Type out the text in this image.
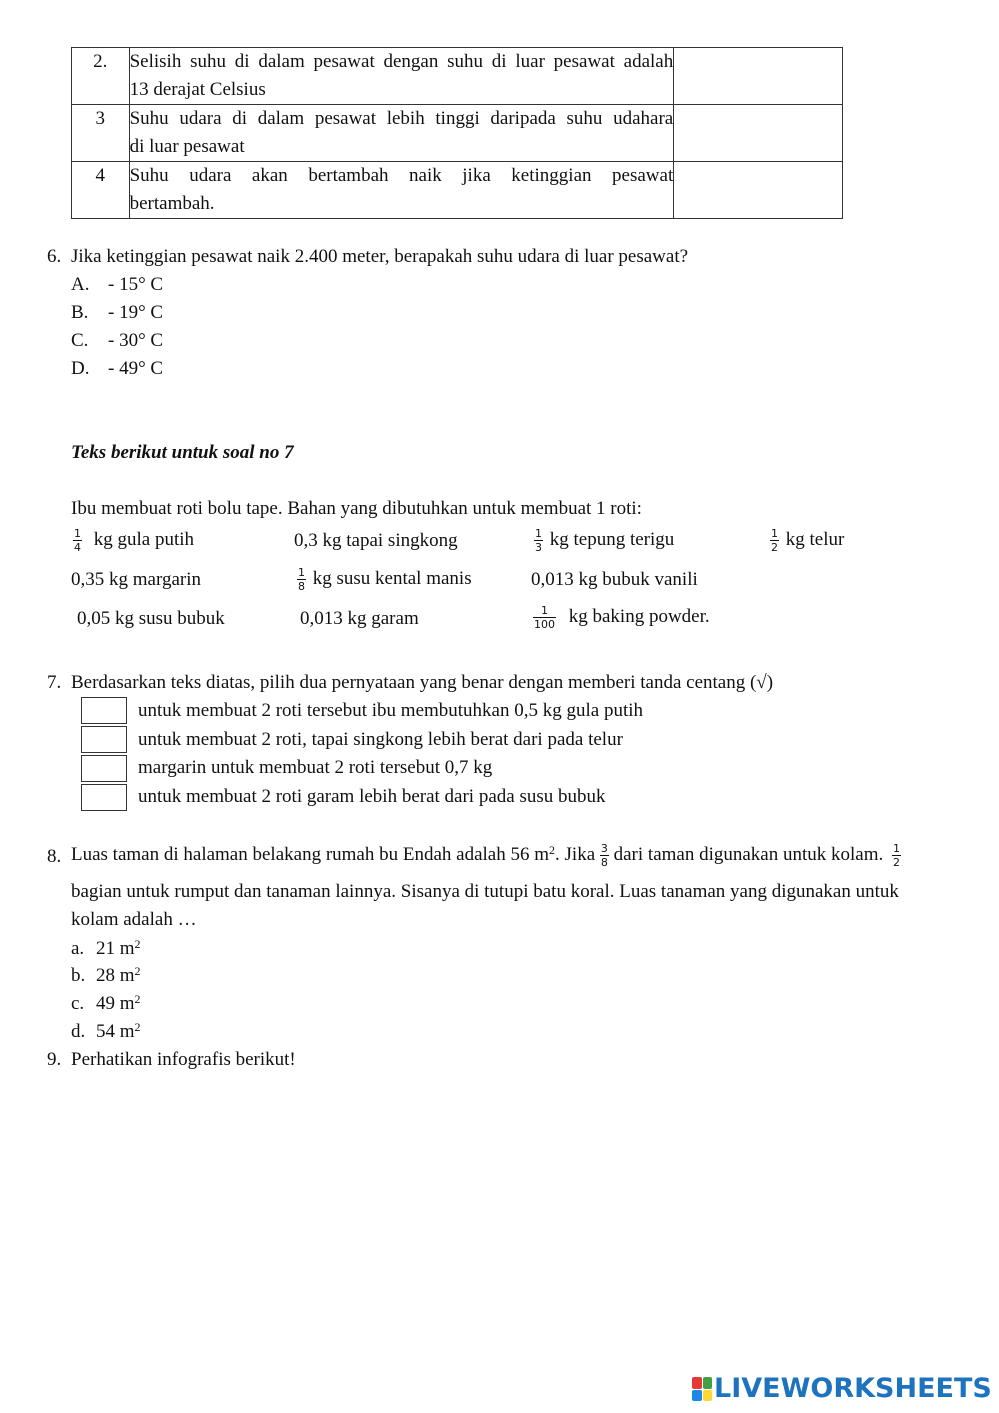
2.	Selisih suhu di dalam pesawat dengan suhu di luar pesawat adalah
13 derajat Celsius	
3	Suhu udara di dalam pesawat lebih tinggi daripada suhu udahara
di luar pesawat	
4	Suhu udara akan bertambah naik jika ketinggian pesawat
bertambah.	
6. Jika ketinggian pesawat naik 2.400 meter, berapakah suhu udara di luar pesawat?
A. - 15° C
B. - 19° C
C. - 30° C
D. - 49° C
Teks berikut untuk soal no 7
Ibu membuat roti bolu tape. Bahan yang dibutuhkan untuk membuat 1 roti:
$\frac{1}{4}$ kg gula putih	0,3 kg tapai singkong	$\frac{1}{3}$ kg tepung terigu	$\frac{1}{2}$ kg telur
0,35 kg margarin	$\frac{1}{8}$ kg susu kental manis	0,013 kg bubuk vanili
0,05 kg susu bubuk	0,013 kg garam	$\frac{1}{100}$ kg baking powder.
7. Berdasarkan teks diatas, pilih dua pernyataan yang benar dengan memberi tanda centang (√)
untuk membuat 2 roti tersebut ibu membutuhkan 0,5 kg gula putih
untuk membuat 2 roti, tapai singkong lebih berat dari pada telur
margarin untuk membuat 2 roti tersebut 0,7 kg
untuk membuat 2 roti garam lebih berat dari pada susu bubuk
8. Luas taman di halaman belakang rumah bu Endah adalah 56 $m^2$. Jika $\frac{3}{8}$ dari taman digunakan untuk kolam. $\frac{1}{2}$
bagian untuk rumput dan tanaman lainnya. Sisanya di tutupi batu koral. Luas tanaman yang digunakan untuk
kolam adalah …
a. 21 $m^2$
b. 28 $m^2$
c. 49 $m^2$
d. 54 $m^2$
9. Perhatikan infografis berikut!
LIVEWORKSHEETS
